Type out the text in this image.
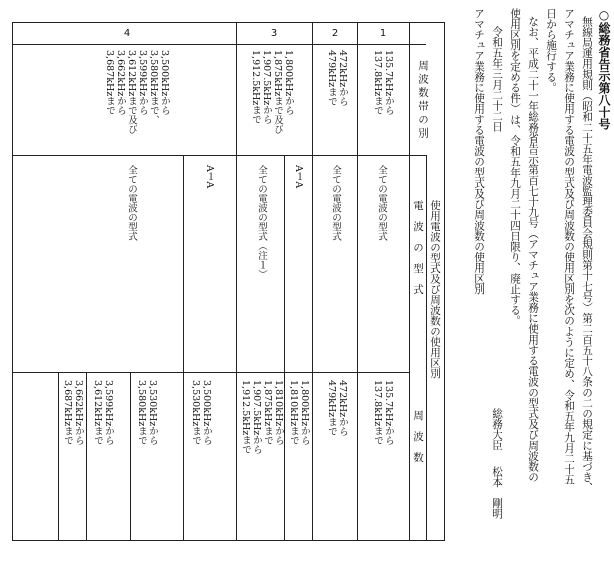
○総務省告示第八十号
無線局運用規則（昭和二十五年電波監理委員会規則第十七号）第二百五十八条の二の規定に基づき、
アマチュア業務に使用する電波の型式及び周波数の使用区別を次のように定め、令和五年九月二十五
日から施行する。
なお、平成二十一年総務省告示第百七十九号（アマチュア業務に使用する電波の型式及び周波数の
使用区別を定める件）は、令和五年九月二十四日限り、廃止する。
令和五年三月二十二日
総務大臣
松本　剛明
アマチュア業務に使用する電波の型式及び周波数の使用区別
周波数帯の別
使用電波の型式及び周波数の使用区別
電　波　の　型　式
周　波　数
1
2
3
4
135.7kHzから
137.8kHzまで
全ての電波の型式
135.7kHzから
137.8kHzまで
472kHzから
479kHzまで
全ての電波の型式
472kHzから
479kHzまで
1,800kHzから
1,875kHzまで及び
1,907.5kHzから
1,912.5kHzまで
A１A
1,800kHzから
1,810kHzまで
全ての電波の型式（注１）
1,810kHzから
1,875kHzまで
1,907.5kHzから
1,912.5kHzまで
3,500kHzから
3,580kHzまで、
3,599kHzから
3,612kHzまで及び
3,662kHzから
3,687kHzまで
A１A
3,500kHzから
3,530kHzまで
全ての電波の型式
3,530kHzから
3,580kHzまで
3,599kHzから
3,612kHzまで
3,662kHzから
3,687kHzまで
